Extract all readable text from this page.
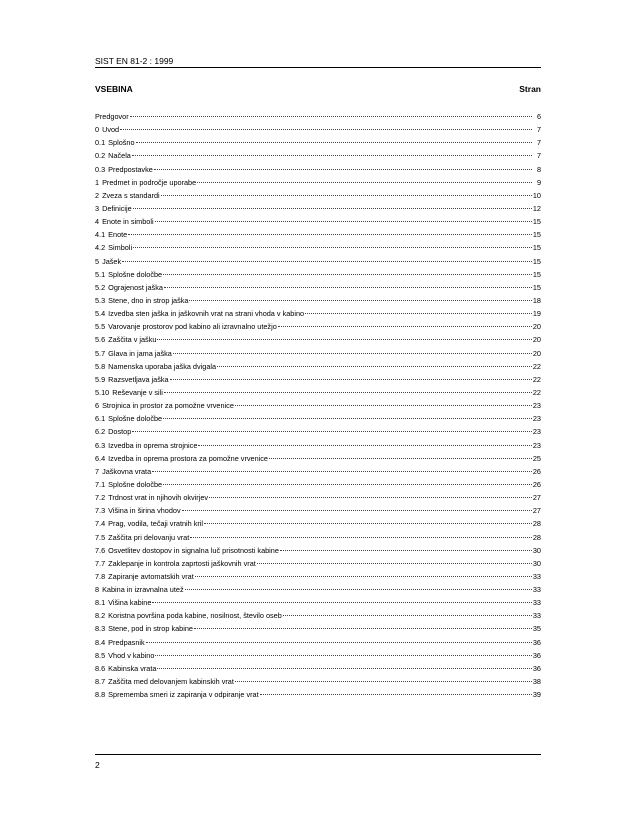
SIST EN 81-2 : 1999
VSEBINA	Stran
Predgovor	6
0 Uvod	7
0.1 Splošno	7
0.2 Načela	7
0.3 Predpostavke	8
1 Predmet in področje uporabe	9
2 Zveza s standardi	10
3 Definicije	12
4 Enote in simboli	15
4.1 Enote	15
4.2 Simboli	15
5 Jašek	15
5.1 Splošne določbe	15
5.2 Ograjenost jaška	15
5.3 Stene, dno in strop jaška	18
5.4 Izvedba sten jaška in jaškovnih vrat na strani vhoda v kabino	19
5.5 Varovanje prostorov pod kabino ali izravnalno utežjo	20
5.6 Zaščita v jašku	20
5.7 Glava in jama jaška	20
5.8 Namenska uporaba jaška dvigala	22
5.9 Razsvetljava jaška	22
5.10 Reševanje v sili	22
6 Strojnica in prostor za pomožne vrvenice	23
6.1 Splošne določbe	23
6.2 Dostop	23
6.3 Izvedba in oprema strojnice	23
6.4 Izvedba in oprema prostora za pomožne vrvenice	25
7 Jaškovna vrata	26
7.1 Splošne določbe	26
7.2 Trdnost vrat in njihovih okvirjev	27
7.3 Višina in širina vhodov	27
7.4 Prag, vodila, tečaji vratnih kril	28
7.5 Zaščita pri delovanju vrat	28
7.6 Osvetlitev dostopov in signalna luč prisotnosti kabine	30
7.7 Zaklepanje in kontrola zaprtosti jaškovnih vrat	30
7.8 Zapiranje avtomatskih vrat	33
8 Kabina in izravnalna utež	33
8.1 Višina kabine	33
8.2 Koristna površina poda kabine, nosilnost, število oseb	33
8.3 Stene, pod in strop kabine	35
8.4 Predpasnik	36
8.5 Vhod v kabino	36
8.6 Kabinska vrata	36
8.7 Zaščita med delovanjem kabinskih vrat	38
8.8 Sprememba smeri iz zapiranja v odpiranje vrat	39
2
